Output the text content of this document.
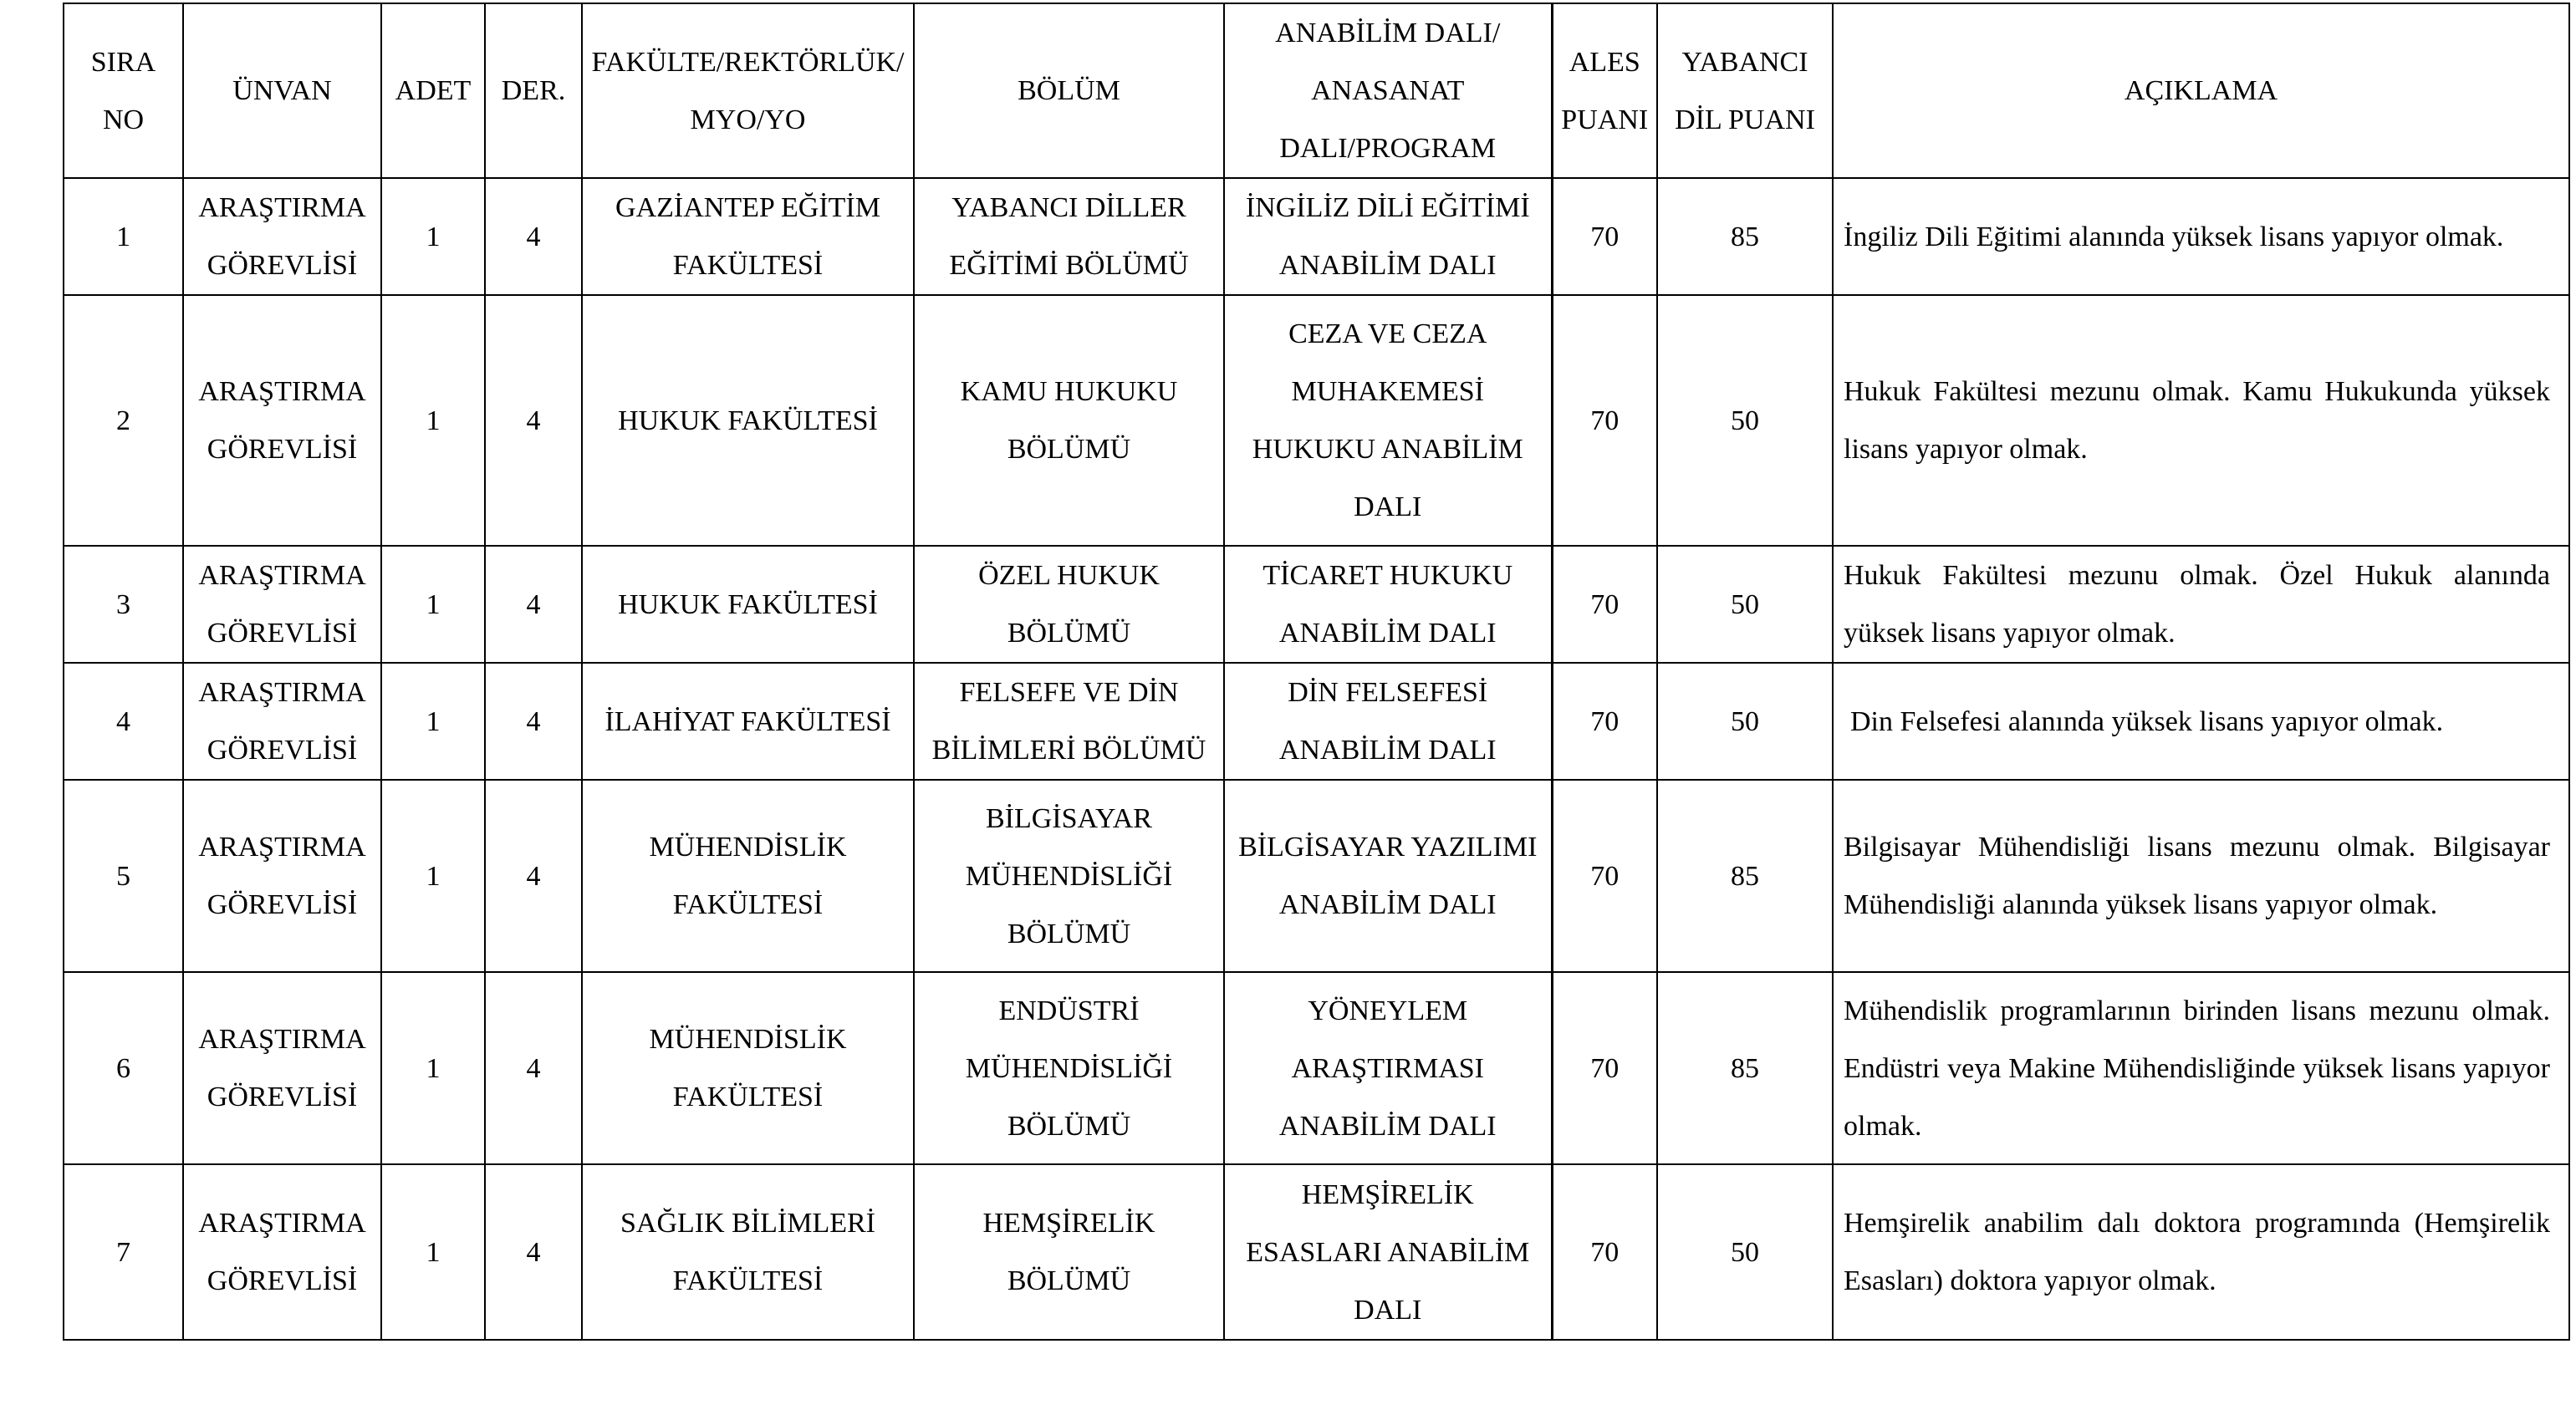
SIRA NO	ÜNVAN	ADET	DER.	FAKÜLTE/REKTÖRLÜK/MYO/YO	BÖLÜM	ANABİLİM DALI/ ANASANAT DALI/PROGRAM	ALES PUANI	YABANCI DİL PUANI	AÇIKLAMA
1	ARAŞTIRMA GÖREVLİSİ	1	4	GAZİANTEP EĞİTİM FAKÜLTESİ	YABANCI DİLLER EĞİTİMİ BÖLÜMÜ	İNGİLİZ DİLİ EĞİTİMİ ANABİLİM DALI	70	85	İngiliz Dili Eğitimi alanında yüksek lisans yapıyor olmak.
2	ARAŞTIRMA GÖREVLİSİ	1	4	HUKUK FAKÜLTESİ	KAMU HUKUKU BÖLÜMÜ	CEZA VE CEZA MUHAKEMESİ HUKUKU ANABİLİM DALI	70	50	Hukuk Fakültesi mezunu olmak. Kamu Hukukunda yüksek lisans yapıyor olmak.
3	ARAŞTIRMA GÖREVLİSİ	1	4	HUKUK FAKÜLTESİ	ÖZEL HUKUK BÖLÜMÜ	TİCARET HUKUKU ANABİLİM DALI	70	50	Hukuk Fakültesi mezunu olmak. Özel Hukuk alanında yüksek lisans yapıyor olmak.
4	ARAŞTIRMA GÖREVLİSİ	1	4	İLAHİYAT FAKÜLTESİ	FELSEFE VE DİN BİLİMLERİ BÖLÜMÜ	DİN FELSEFESİ ANABİLİM DALI	70	50	Din Felsefesi alanında yüksek lisans yapıyor olmak.
5	ARAŞTIRMA GÖREVLİSİ	1	4	MÜHENDİSLİK FAKÜLTESİ	BİLGİSAYAR MÜHENDİSLİĞİ BÖLÜMÜ	BİLGİSAYAR YAZILIMI ANABİLİM DALI	70	85	Bilgisayar Mühendisliği lisans mezunu olmak. Bilgisayar Mühendisliği alanında yüksek lisans yapıyor olmak.
6	ARAŞTIRMA GÖREVLİSİ	1	4	MÜHENDİSLİK FAKÜLTESİ	ENDÜSTRİ MÜHENDİSLİĞİ BÖLÜMÜ	YÖNEYLEM ARAŞTIRMASI ANABİLİM DALI	70	85	Mühendislik programlarının birinden lisans mezunu olmak. Endüstri veya Makine Mühendisliğinde yüksek lisans yapıyor olmak.
7	ARAŞTIRMA GÖREVLİSİ	1	4	SAĞLIK BİLİMLERİ FAKÜLTESİ	HEMŞİRELİK BÖLÜMÜ	HEMŞİRELİK ESASLARI ANABİLİM DALI	70	50	Hemşirelik anabilim dalı doktora programında (Hemşirelik Esasları) doktora yapıyor olmak.
